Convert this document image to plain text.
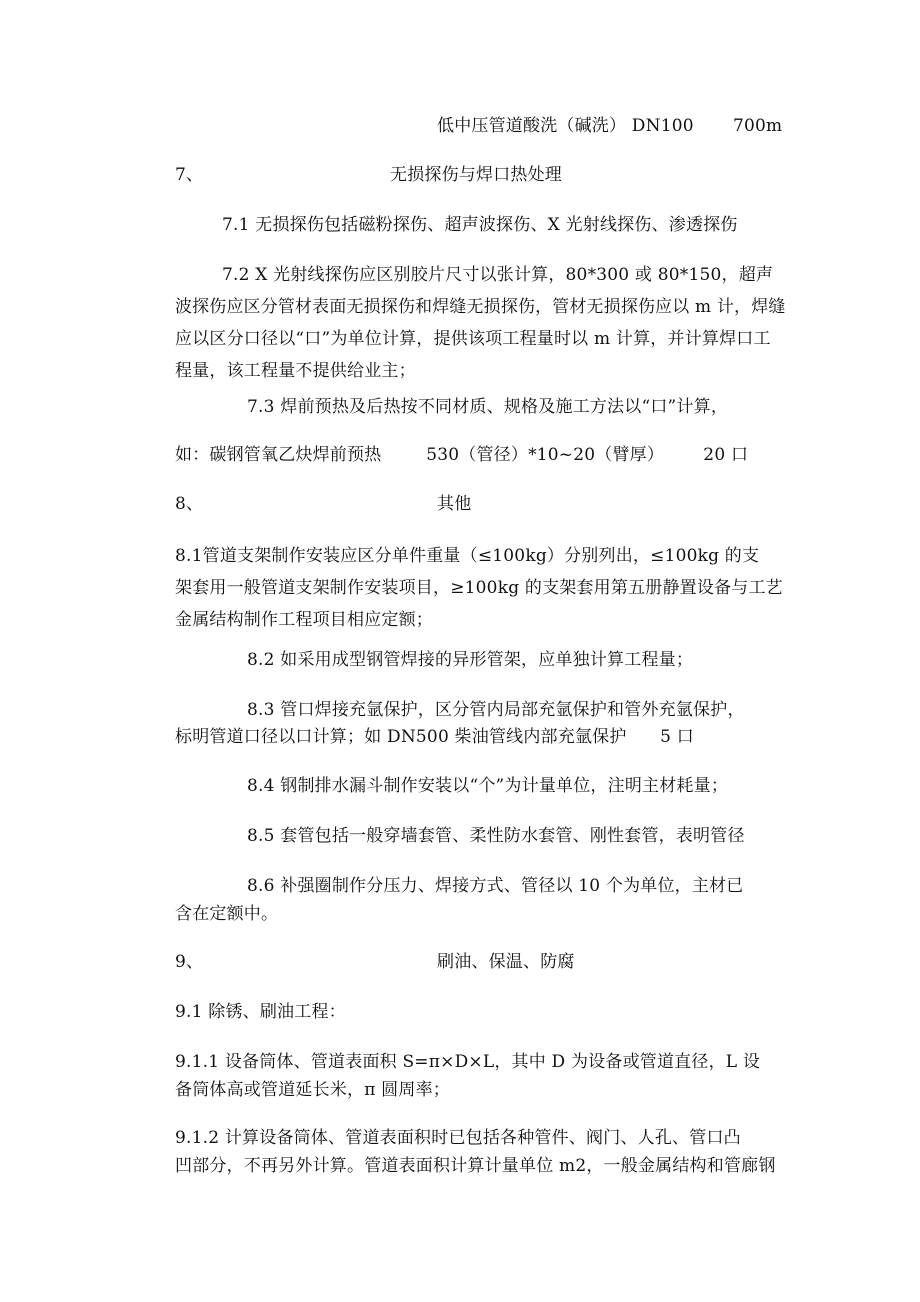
低中压管道酸洗（碱洗） DN100       700m
7、	无损探伤与焊口热处理
7.1 无损探伤包括磁粉探伤、超声波探伤、X 光射线探伤、渗透探伤
7.2 X 光射线探伤应区别胶片尺寸以张计算，80*300 或 80*150，超声
波探伤应区分管材表面无损探伤和焊缝无损探伤，管材无损探伤应以 m 计，焊缝
应以区分口径以“口”为单位计算，提供该项工程量时以 m 计算，并计算焊口工
程量，该工程量不提供给业主；
7.3 焊前预热及后热按不同材质、规格及施工方法以“口”计算，
如：碳钢管氧乙炔焊前预热        530（管径）*10~20（臂厚）       20 口
8、	其他
8.1管道支架制作安装应区分单件重量（≤100kg）分别列出，≤100kg 的支
架套用一般管道支架制作安装项目，≥100kg 的支架套用第五册静置设备与工艺
金属结构制作工程项目相应定额；
8.2 如采用成型钢管焊接的异形管架，应单独计算工程量；
8.3 管口焊接充氩保护，区分管内局部充氩保护和管外充氩保护，
标明管道口径以口计算；如 DN500 柴油管线内部充氩保护      5 口
8.4 钢制排水漏斗制作安装以“个”为计量单位，注明主材耗量；
8.5 套管包括一般穿墙套管、柔性防水套管、刚性套管，表明管径
8.6 补强圈制作分压力、焊接方式、管径以 10 个为单位，主材已
含在定额中。
9、	刷油、保温、防腐
9.1 除锈、刷油工程：
9.1.1 设备筒体、管道表面积 S=π×D×L，其中 D 为设备或管道直径，L 设
备筒体高或管道延长米，π 圆周率；
9.1.2 计算设备筒体、管道表面积时已包括各种管件、阀门、人孔、管口凸
凹部分，不再另外计算。管道表面积计算计量单位 m2，一般金属结构和管廊钢
